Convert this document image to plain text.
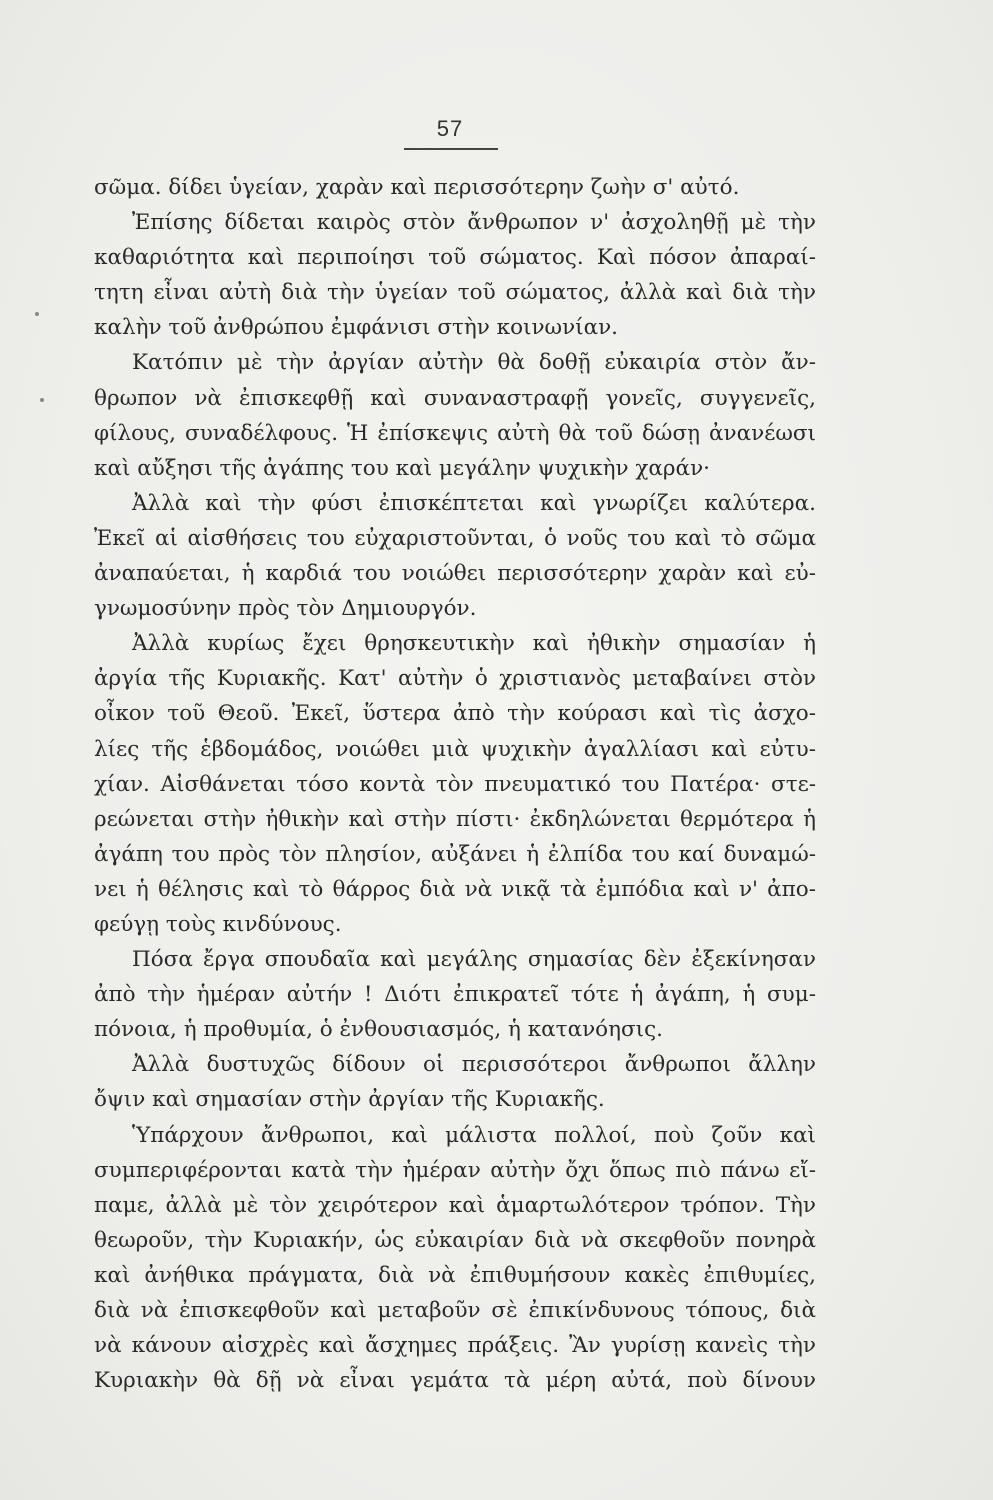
57
σῶμα. δίδει ὑγείαν, χαρὰν καὶ περισσότερην ζωὴν σ' αὐτό.
Ἐπίσης δίδεται καιρὸς στὸν ἄνθρωπον ν' ἀσχοληθῇ μὲ τὴν
καθαριότητα καὶ περιποίησι τοῦ σώματος. Καὶ πόσον ἀπαραί-
τητη εἶναι αὐτὴ διὰ τὴν ὑγείαν τοῦ σώματος, ἀλλὰ καὶ διὰ τὴν
καλὴν τοῦ ἀνθρώπου ἐμφάνισι στὴν κοινωνίαν.
Κατόπιν μὲ τὴν ἀργίαν αὐτὴν θὰ δοθῇ εὐκαιρία στὸν ἄν-
θρωπον νὰ ἐπισκεφθῇ καὶ συναναστραφῇ γονεῖς, συγγενεῖς,
φίλους, συναδέλφους. Ἡ ἐπίσκεψις αὐτὴ θὰ τοῦ δώσῃ ἀνανέωσι
καὶ αὔξησι τῆς ἀγάπης του καὶ μεγάλην ψυχικὴν χαράν·
Ἀλλὰ καὶ τὴν φύσι ἐπισκέπτεται καὶ γνωρίζει καλύτερα.
Ἐκεῖ αἱ αἰσθήσεις του εὐχαριστοῦνται, ὁ νοῦς του καὶ τὸ σῶμα
ἀναπαύεται, ἡ καρδιά του νοιώθει περισσότερην χαρὰν καὶ εὐ-
γνωμοσύνην πρὸς τὸν Δημιουργόν.
Ἀλλὰ κυρίως ἔχει θρησκευτικὴν καὶ ἠθικὴν σημασίαν ἡ
ἀργία τῆς Κυριακῆς. Κατ' αὐτὴν ὁ χριστιανὸς μεταβαίνει στὸν
οἶκον τοῦ Θεοῦ. Ἐκεῖ, ὕστερα ἀπὸ τὴν κούρασι καὶ τὶς ἀσχο-
λίες τῆς ἑβδομάδος, νοιώθει μιὰ ψυχικὴν ἀγαλλίασι καὶ εὐτυ-
χίαν. Αἰσθάνεται τόσο κοντὰ τὸν πνευματικό του Πατέρα· στε-
ρεώνεται στὴν ἠθικὴν καὶ στὴν πίστι· ἐκδηλώνεται θερμότερα ἡ
ἀγάπη του πρὸς τὸν πλησίον, αὐξάνει ἡ ἐλπίδα του καί δυναμώ-
νει ἡ θέλησις καὶ τὸ θάρρος διὰ νὰ νικᾷ τὰ ἐμπόδια καὶ ν' ἀπο-
φεύγῃ τοὺς κινδύνους.
Πόσα ἔργα σπουδαῖα καὶ μεγάλης σημασίας δὲν ἐξεκίνησαν
ἀπὸ τὴν ἡμέραν αὐτήν ! Διότι ἐπικρατεῖ τότε ἡ ἀγάπη, ἡ συμ-
πόνοια, ἡ προθυμία, ὁ ἐνθουσιασμός, ἡ κατανόησις.
Ἀλλὰ δυστυχῶς δίδουν οἱ περισσότεροι ἄνθρωποι ἄλλην
ὄψιν καὶ σημασίαν στὴν ἀργίαν τῆς Κυριακῆς.
Ὑπάρχουν ἄνθρωποι, καὶ μάλιστα πολλοί, ποὺ ζοῦν καὶ
συμπεριφέρονται κατὰ τὴν ἡμέραν αὐτὴν ὄχι ὅπως πιὸ πάνω εἴ-
παμε, ἀλλὰ μὲ τὸν χειρότερον καὶ ἁμαρτωλότερον τρόπον. Τὴν
θεωροῦν, τὴν Κυριακήν, ὡς εὐκαιρίαν διὰ νὰ σκεφθοῦν πονηρὰ
καὶ ἀνήθικα πράγματα, διὰ νὰ ἐπιθυμήσουν κακὲς ἐπιθυμίες,
διὰ νὰ ἐπισκεφθοῦν καὶ μεταβοῦν σὲ ἐπικίνδυνους τόπους, διὰ
νὰ κάνουν αἰσχρὲς καὶ ἄσχημες πράξεις. Ἂν γυρίσῃ κανεὶς τὴν
Κυριακὴν θὰ δῇ νὰ εἶναι γεμάτα τὰ μέρη αὐτά, ποὺ δίνουν
